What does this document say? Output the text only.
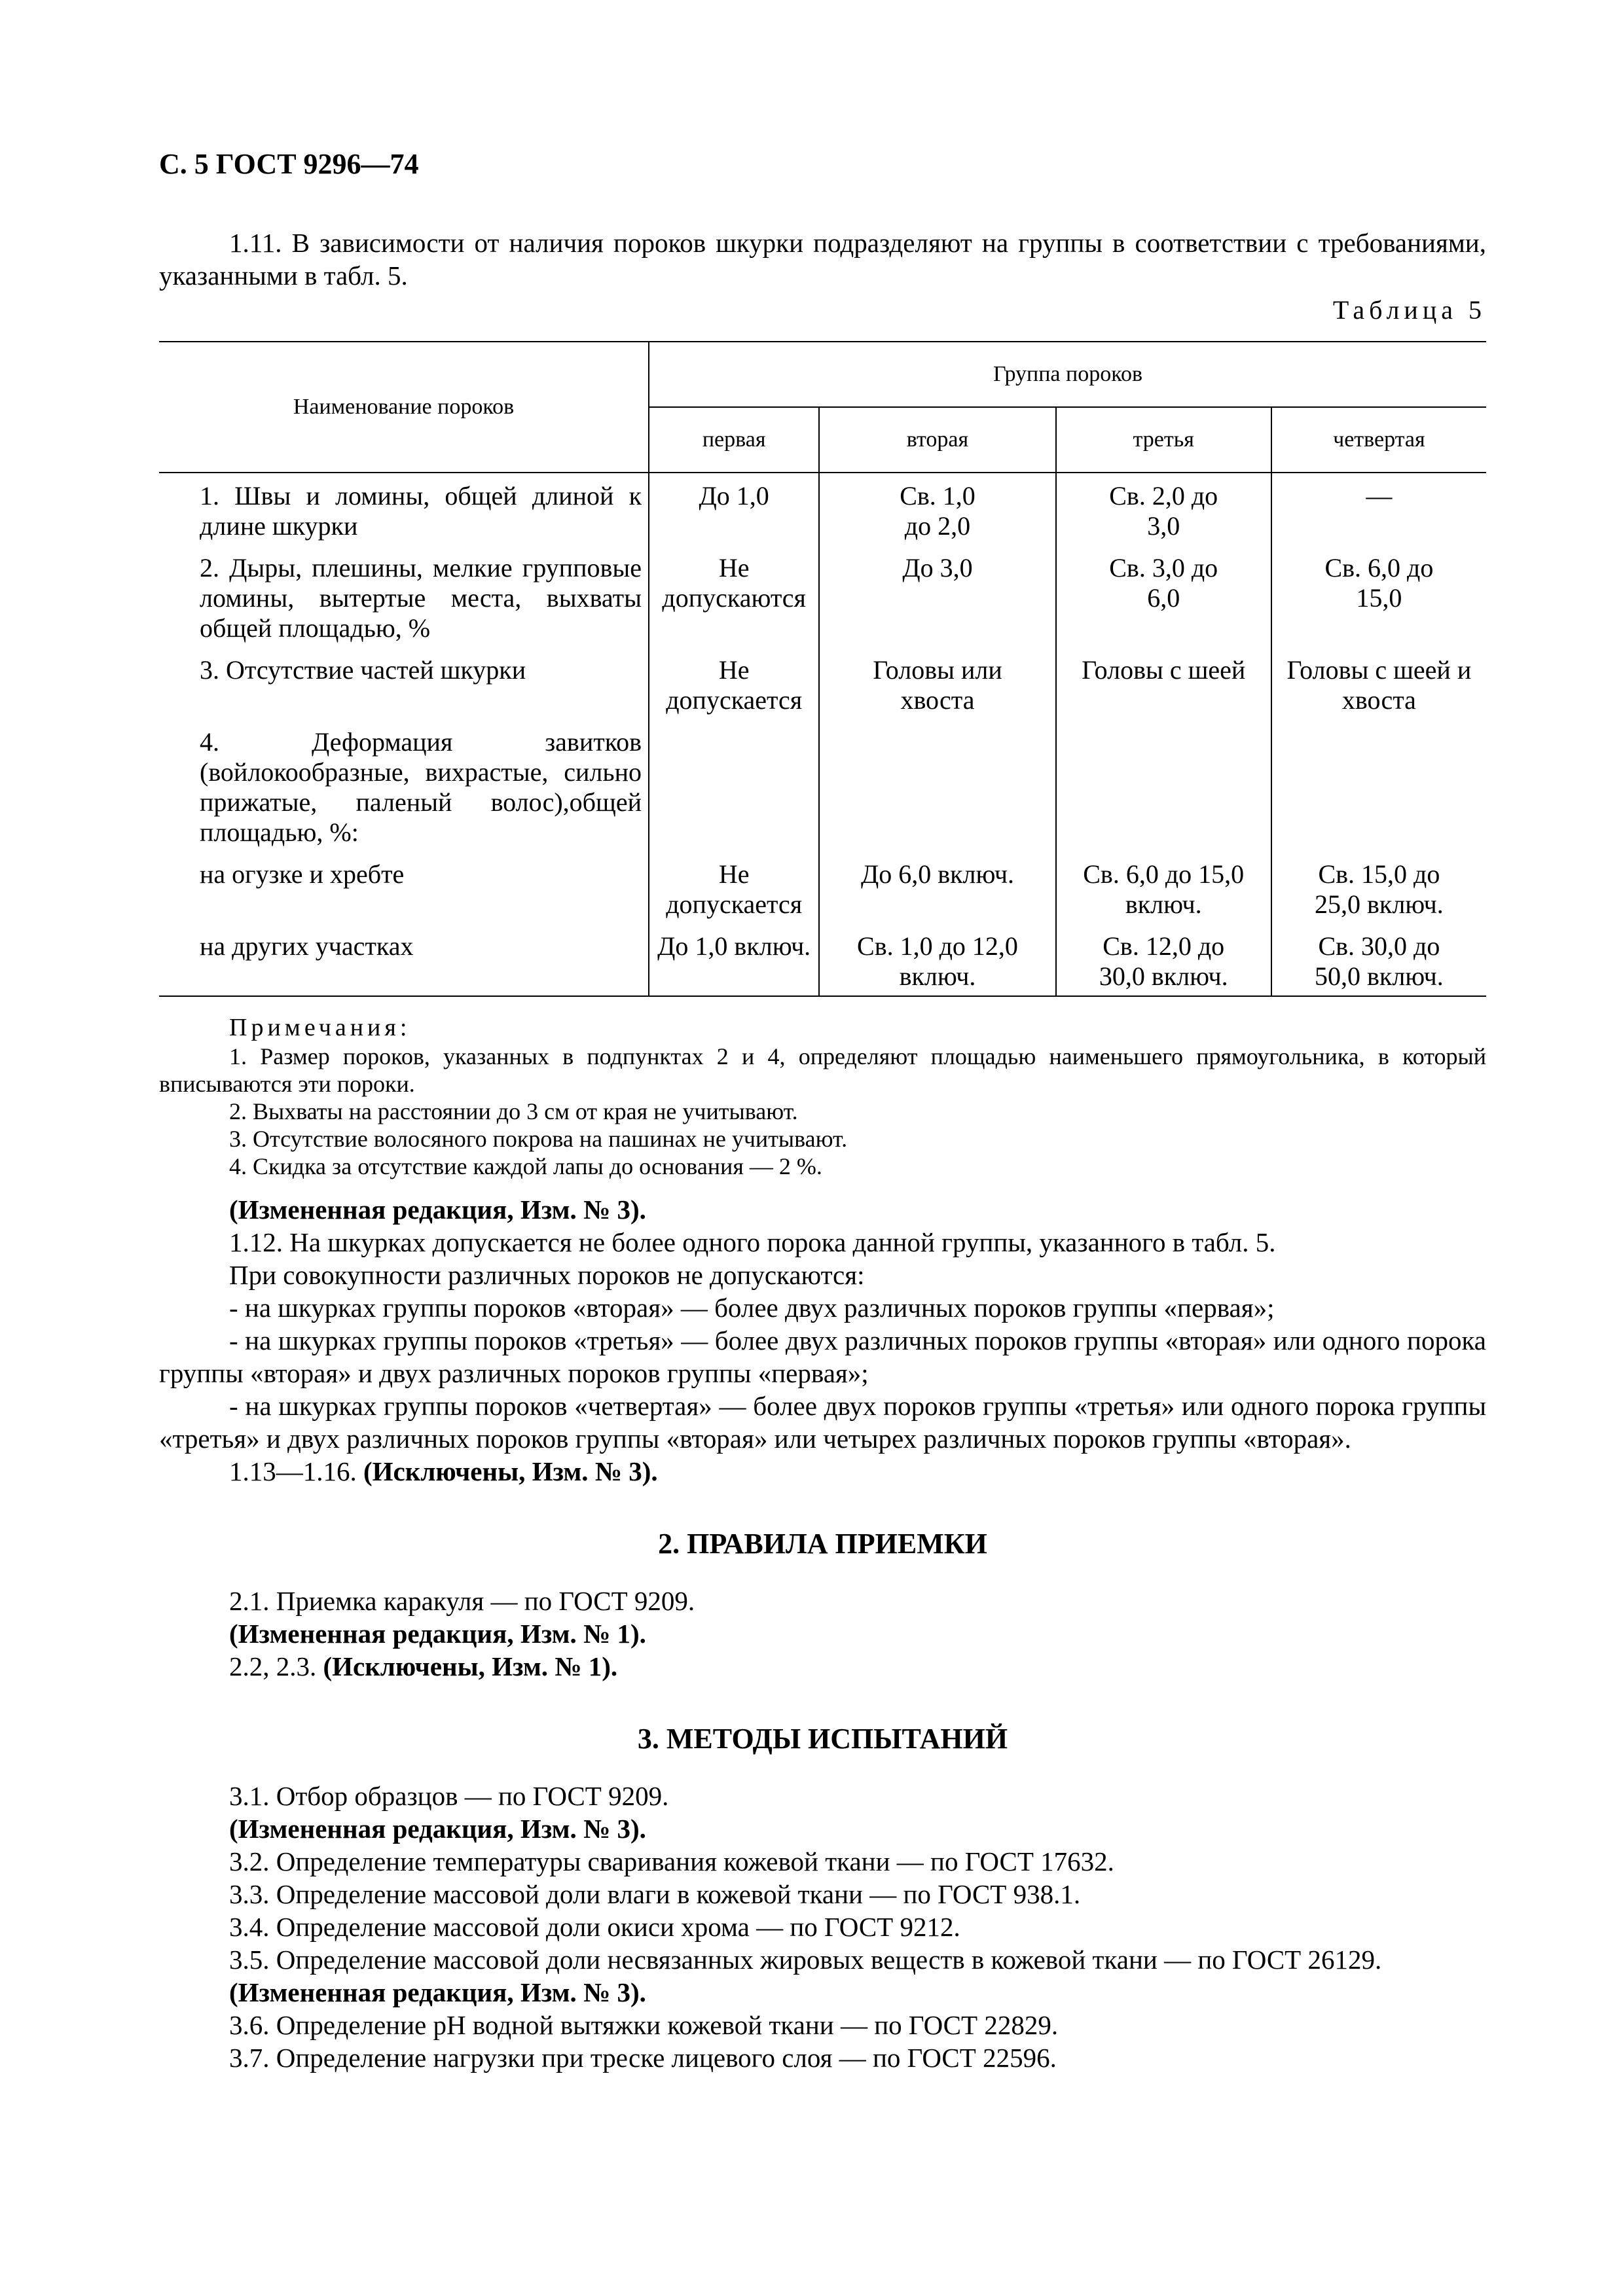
С. 5 ГОСТ 9296—74

1.11. В зависимости от наличия пороков шкурки подразделяют на группы в соответствии с требованиями, указанными в табл. 5.

Таблица 5
Наименование пороков	Группа пороков			
	первая	вторая	третья	четвертая

1. Швы и ломины, общей длиной к длине шкурки	До 1,0	Св. 1,0 до 2,0	Св. 2,0 до 3,0	—

2. Дыры, плешины, мелкие групповые ломины, вытертые места, выхваты общей площадью, %	Не допускаются	До 3,0	Св. 3,0 до 6,0	Св. 6,0 до 15,0

3. Отсутствие частей шкурки	Не допускается	Головы или хвоста	Головы с шеей	Головы с шеей и хвоста

4. Деформация завитков (войлокообразные, вихрастые, сильно прижатые, паленый волос),общей площадью, %:				

на огузке и хребте	Не допускается	До 6,0 включ.	Св. 6,0 до 15,0 включ.	Св. 15,0 до 25,0 включ.

на других участках	До 1,0 включ.	Св. 1,0 до 12,0 включ.	Св. 12,0 до 30,0 включ.	Св. 30,0 до 50,0 включ.
Примечания:

1. Размер пороков, указанных в подпунктах 2 и 4, определяют площадью наименьшего прямоугольника, в который вписываются эти пороки.

2. Выхваты на расстоянии до 3 см от края не учитывают.

3. Отсутствие волосяного покрова на пашинах не учитывают.

4. Скидка за отсутствие каждой лапы до основания — 2 %.

(Измененная редакция, Изм. № 3).

1.12. На шкурках допускается не более одного порока данной группы, указанного в табл. 5.

При совокупности различных пороков не допускаются:

- на шкурках группы пороков «вторая» — более двух различных пороков группы «первая»;

- на шкурках группы пороков «третья» — более двух различных пороков группы «вторая» или одного порока группы «вторая» и двух различных пороков группы «первая»;

- на шкурках группы пороков «четвертая» — более двух пороков группы «третья» или одного порока группы «третья» и двух различных пороков группы «вторая» или четырех различных пороков группы «вторая».

1.13—1.16. (Исключены, Изм. № 3).

2. ПРАВИЛА ПРИЕМКИ

2.1. Приемка каракуля — по ГОСТ 9209.

(Измененная редакция, Изм. № 1).

2.2, 2.3. (Исключены, Изм. № 1).

3. МЕТОДЫ ИСПЫТАНИЙ

3.1. Отбор образцов — по ГОСТ 9209.

(Измененная редакция, Изм. № 3).

3.2. Определение температуры сваривания кожевой ткани — по ГОСТ 17632.

3.3. Определение массовой доли влаги в кожевой ткани — по ГОСТ 938.1.

3.4. Определение массовой доли окиси хрома — по ГОСТ 9212.

3.5. Определение массовой доли несвязанных жировых веществ в кожевой ткани — по ГОСТ 26129.

(Измененная редакция, Изм. № 3).

3.6. Определение pH водной вытяжки кожевой ткани — по ГОСТ 22829.

3.7. Определение нагрузки при треске лицевого слоя — по ГОСТ 22596.
